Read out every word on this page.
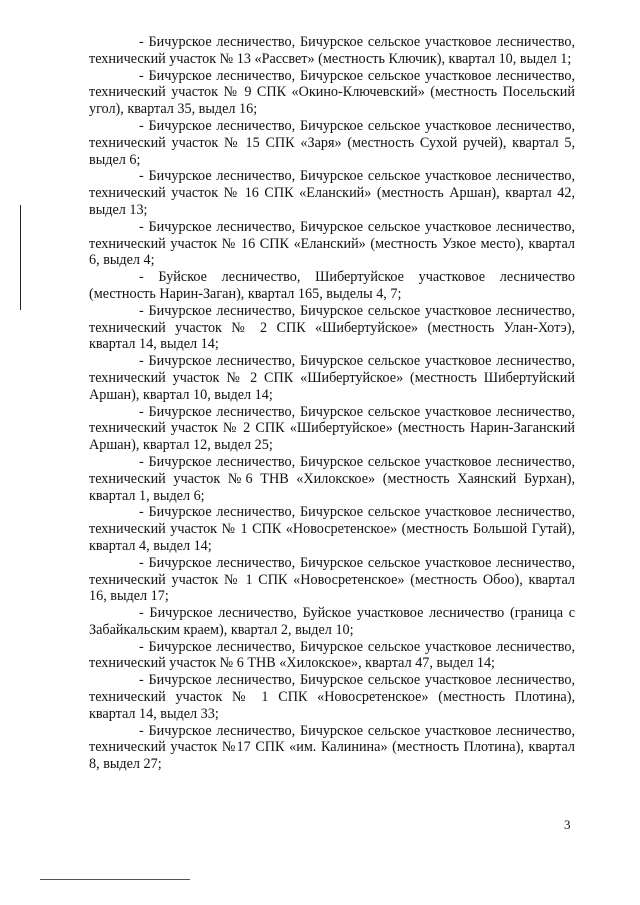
- Бичурское лесничество, Бичурское сельское участковое лесничество, технический участок № 13 «Рассвет» (местность Ключик), квартал 10, выдел 1;

- Бичурское лесничество, Бичурское сельское участковое лесничество, технический участок № 9 СПК «Окино-Ключевский» (местность Посельский угол), квартал 35, выдел 16;

- Бичурское лесничество, Бичурское сельское участковое лесничество, технический участок № 15 СПК «Заря» (местность Сухой ручей), квартал 5, выдел 6;

- Бичурское лесничество, Бичурское сельское участковое лесничество, технический участок № 16 СПК «Еланский» (местность Аршан), квартал 42, выдел 13;

- Бичурское лесничество, Бичурское сельское участковое лесничество, технический участок № 16 СПК «Еланский» (местность Узкое место), квартал 6, выдел 4;

- Буйское лесничество, Шибертуйское участковое лесничество (местность Нарин-Заган), квартал 165, выделы 4, 7;

- Бичурское лесничество, Бичурское сельское участковое лесничество, технический участок № 2 СПК «Шибертуйское» (местность Улан-Хотэ), квартал 14, выдел 14;

- Бичурское лесничество, Бичурское сельское участковое лесничество, технический участок № 2 СПК «Шибертуйское» (местность Шибертуйский Аршан), квартал 10, выдел 14;

- Бичурское лесничество, Бичурское сельское участковое лесничество, технический участок № 2 СПК «Шибертуйское» (местность Нарин-Заганский Аршан), квартал 12, выдел 25;

- Бичурское лесничество, Бичурское сельское участковое лесничество, технический участок №6 ТНВ «Хилокское» (местность Хаянский Бурхан), квартал 1, выдел 6;

- Бичурское лесничество, Бичурское сельское участковое лесничество, технический участок № 1 СПК «Новосретенское» (местность Большой Гутай), квартал 4, выдел 14;

- Бичурское лесничество, Бичурское сельское участковое лесничество, технический участок № 1 СПК «Новосретенское» (местность Обоо), квартал 16, выдел 17;

- Бичурское лесничество, Буйское участковое лесничество (граница с Забайкальским краем), квартал 2, выдел 10;

- Бичурское лесничество, Бичурское сельское участковое лесничество, технический участок № 6 ТНВ «Хилокское», квартал 47, выдел 14;

- Бичурское лесничество, Бичурское сельское участковое лесничество, технический участок № 1 СПК «Новосретенское» (местность Плотина), квартал 14, выдел 33;

- Бичурское лесничество, Бичурское сельское участковое лесничество, технический участок №17 СПК «им. Калинина» (местность Плотина), квартал 8, выдел 27;

3
